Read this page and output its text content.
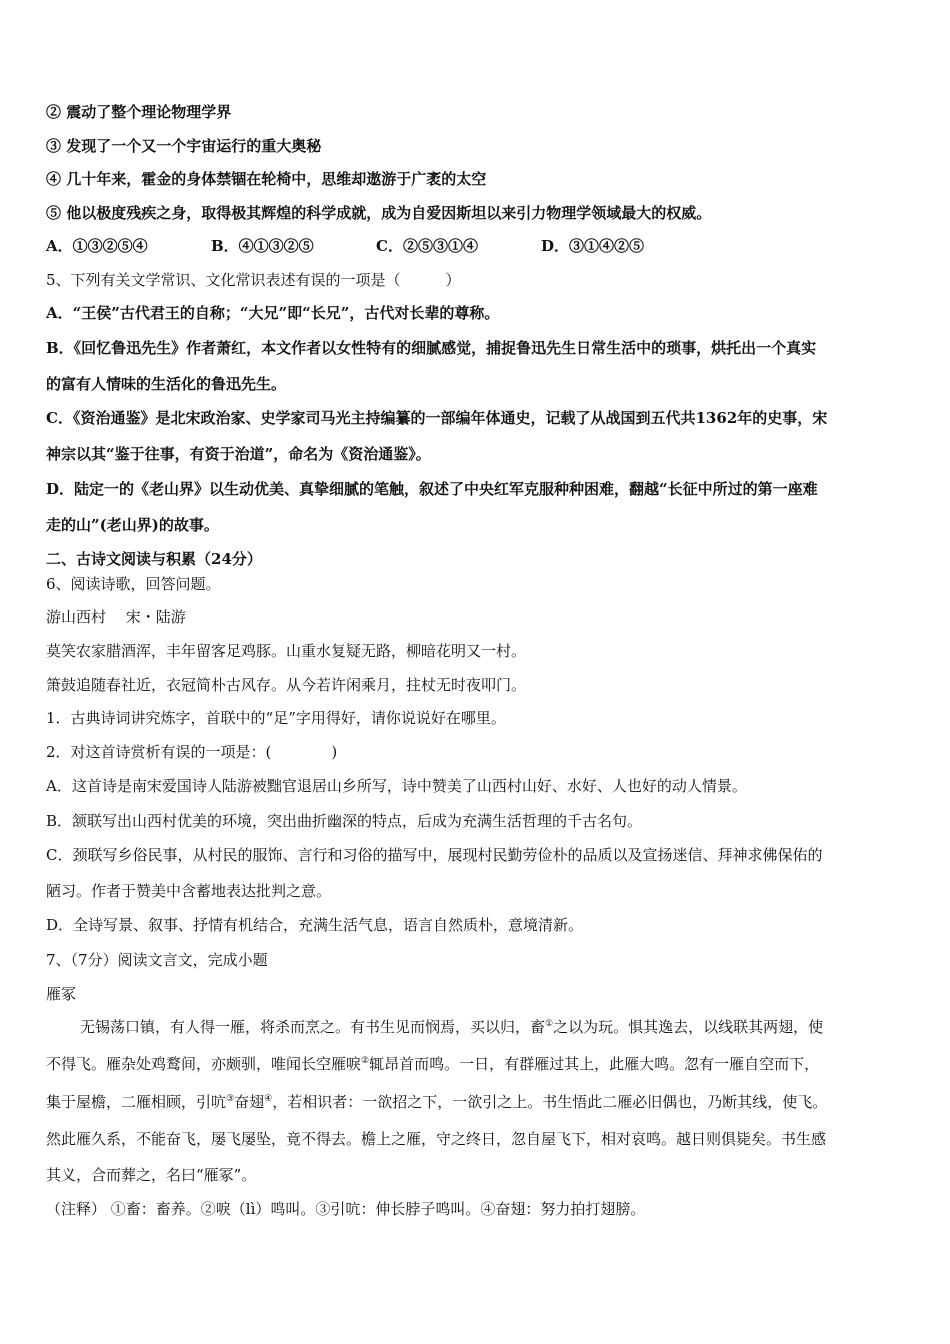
② 震动了整个理论物理学界
③ 发现了一个又一个宇宙运行的重大奥秘
④ 几十年来，霍金的身体禁锢在轮椅中，思维却遨游于广袤的太空
⑤ 他以极度残疾之身，取得极其辉煌的科学成就，成为自爱因斯坦以来引力物理学领域最大的权威。
A．①③②⑤④	B．④①③②⑤	C．②⑤③①④	D．③①④②⑤
5、下列有关文学常识、文化常识表述有误的一项是（　　　）
A．“王侯”古代君王的自称；“大兄”即“长兄”，古代对长辈的尊称。
B．《回忆鲁迅先生》作者萧红，本文作者以女性特有的细腻感觉，捕捉鲁迅先生日常生活中的琐事，烘托出一个真实
的富有人情味的生活化的鲁迅先生。
C．《资治通鉴》是北宋政治家、史学家司马光主持编纂的一部编年体通史，记载了从战国到五代共1362年的史事，宋
神宗以其“鉴于往事，有资于治道”，命名为《资治通鉴》。
D．陆定一的《老山界》以生动优美、真挚细腻的笔触，叙述了中央红军克服种种困难，翻越“长征中所过的第一座难
走的山”(老山界)的故事。
二、古诗文阅读与积累（24分）
6、阅读诗歌，回答问题。
游山西村　 宋・陆游
莫笑农家腊酒浑，丰年留客足鸡豚。山重水复疑无路，柳暗花明又一村。
箫鼓追随春社近，衣冠简朴古风存。从今若许闲乘月，拄杖无时夜叩门。
1．古典诗词讲究炼字，首联中的“足”字用得好，请你说说好在哪里。
2．对这首诗赏析有误的一项是：(　　　　)
A．这首诗是南宋爱国诗人陆游被黜官退居山乡所写，诗中赞美了山西村山好、水好、人也好的动人情景。
B．颔联写出山西村优美的环境，突出曲折幽深的特点，后成为充满生活哲理的千古名句。
C．颈联写乡俗民事，从村民的服饰、言行和习俗的描写中，展现村民勤劳俭朴的品质以及宣扬迷信、拜神求佛保佑的
陋习。作者于赞美中含蓄地表达批判之意。
D．全诗写景、叙事、抒情有机结合，充满生活气息，语言自然质朴，意境清新。
7、（7分）阅读文言文，完成小题
雁冢
无锡荡口镇，有人得一雁，将杀而烹之。有书生见而悯焉，买以归，畜①之以为玩。惧其逸去，以线联其两翅，使
不得飞。雁杂处鸡鹜间，亦颇驯，唯闻长空雁唳②辄昂首而鸣。一日，有群雁过其上，此雁大鸣。忽有一雁自空而下，
集于屋檐，二雁相顾，引吭③奋翅④，若相识者：一欲招之下，一欲引之上。书生悟此二雁必旧偶也，乃断其线，使飞。
然此雁久系，不能奋飞，屡飞屡坠，竟不得去。檐上之雁，守之终日，忽自屋飞下，相对哀鸣。越日则俱毙矣。书生感
其义，合而葬之，名曰“雁冢”。
（注释） ①畜：畜养。②唳（lì）鸣叫。③引吭：伸长脖子鸣叫。④奋翅：努力拍打翅膀。
